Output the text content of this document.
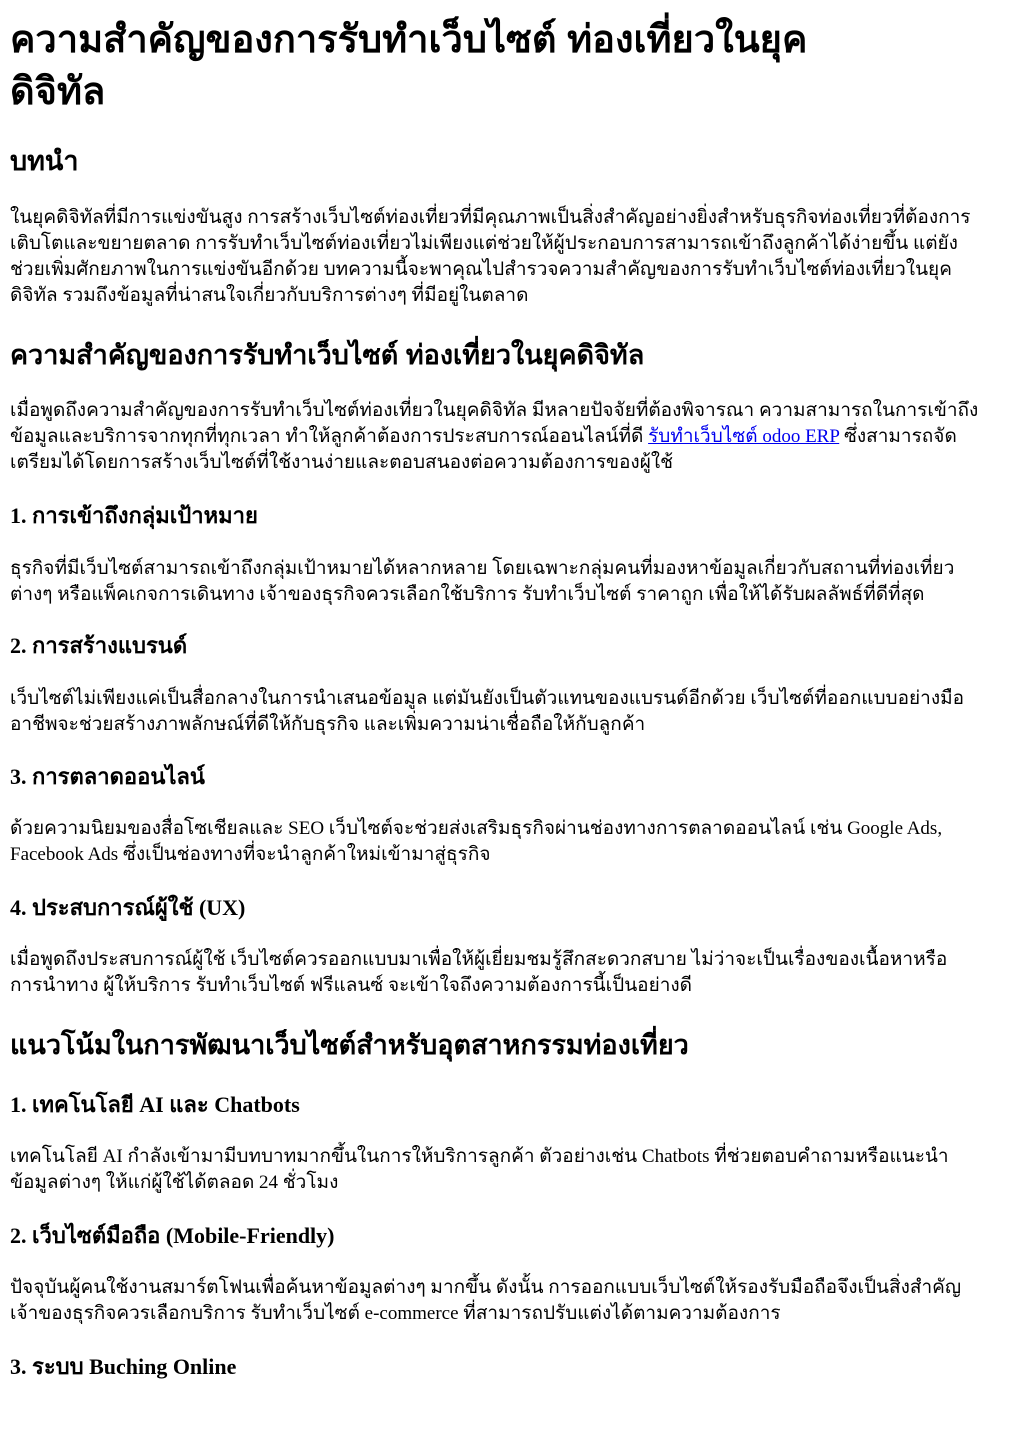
ความสำคัญของการรับทำเว็บไซต์ ท่องเที่ยวในยุค
ดิจิทัล
บทนำ

ในยุคดิจิทัลที่มีการแข่งขันสูง การสร้างเว็บไซต์ท่องเที่ยวที่มีคุณภาพเป็นสิ่งสำคัญอย่างยิ่งสำหรับธุรกิจท่องเที่ยวที่ต้องการ
เติบโตและขยายตลาด การรับทำเว็บไซต์ท่องเที่ยวไม่เพียงแต่ช่วยให้ผู้ประกอบการสามารถเข้าถึงลูกค้าได้ง่ายขึ้น แต่ยัง
ช่วยเพิ่มศักยภาพในการแข่งขันอีกด้วย บทความนี้จะพาคุณไปสำรวจความสำคัญของการรับทำเว็บไซต์ท่องเที่ยวในยุค
ดิจิทัล รวมถึงข้อมูลที่น่าสนใจเกี่ยวกับบริการต่างๆ ที่มีอยู่ในตลาด

ความสำคัญของการรับทำเว็บไซต์ ท่องเที่ยวในยุคดิจิทัล

เมื่อพูดถึงความสำคัญของการรับทำเว็บไซต์ท่องเที่ยวในยุคดิจิทัล มีหลายปัจจัยที่ต้องพิจารณา ความสามารถในการเข้าถึง
ข้อมูลและบริการจากทุกที่ทุกเวลา ทำให้ลูกค้าต้องการประสบการณ์ออนไลน์ที่ดี รับทำเว็บไซต์ odoo ERP ซึ่งสามารถจัด
เตรียมได้โดยการสร้างเว็บไซต์ที่ใช้งานง่ายและตอบสนองต่อความต้องการของผู้ใช้

1. การเข้าถึงกลุ่มเป้าหมาย

ธุรกิจที่มีเว็บไซต์สามารถเข้าถึงกลุ่มเป้าหมายได้หลากหลาย โดยเฉพาะกลุ่มคนที่มองหาข้อมูลเกี่ยวกับสถานที่ท่องเที่ยว
ต่างๆ หรือแพ็คเกจการเดินทาง เจ้าของธุรกิจควรเลือกใช้บริการ รับทำเว็บไซต์ ราคาถูก เพื่อให้ได้รับผลลัพธ์ที่ดีที่สุด

2. การสร้างแบรนด์

เว็บไซต์ไม่เพียงแค่เป็นสื่อกลางในการนำเสนอข้อมูล แต่มันยังเป็นตัวแทนของแบรนด์อีกด้วย เว็บไซต์ที่ออกแบบอย่างมือ
อาชีพจะช่วยสร้างภาพลักษณ์ที่ดีให้กับธุรกิจ และเพิ่มความน่าเชื่อถือให้กับลูกค้า

3. การตลาดออนไลน์

ด้วยความนิยมของสื่อโซเชียลและ SEO เว็บไซต์จะช่วยส่งเสริมธุรกิจผ่านช่องทางการตลาดออนไลน์ เช่น Google Ads,
Facebook Ads ซึ่งเป็นช่องทางที่จะนำลูกค้าใหม่เข้ามาสู่ธุรกิจ

4. ประสบการณ์ผู้ใช้ (UX)

เมื่อพูดถึงประสบการณ์ผู้ใช้ เว็บไซต์ควรออกแบบมาเพื่อให้ผู้เยี่ยมชมรู้สึกสะดวกสบาย ไม่ว่าจะเป็นเรื่องของเนื้อหาหรือ
การนำทาง ผู้ให้บริการ รับทำเว็บไซต์ ฟรีแลนซ์ จะเข้าใจถึงความต้องการนี้เป็นอย่างดี

แนวโน้มในการพัฒนาเว็บไซต์สำหรับอุตสาหกรรมท่องเที่ยว
1. เทคโนโลยี AI และ Chatbots

เทคโนโลยี AI กำลังเข้ามามีบทบาทมากขึ้นในการให้บริการลูกค้า ตัวอย่างเช่น Chatbots ที่ช่วยตอบคำถามหรือแนะนำ
ข้อมูลต่างๆ ให้แก่ผู้ใช้ได้ตลอด 24 ชั่วโมง

2. เว็บไซต์มือถือ (Mobile-Friendly)

ปัจจุบันผู้คนใช้งานสมาร์ตโฟนเพื่อค้นหาข้อมูลต่างๆ มากขึ้น ดังนั้น การออกแบบเว็บไซต์ให้รองรับมือถือจึงเป็นสิ่งสำคัญ
เจ้าของธุรกิจควรเลือกบริการ รับทำเว็บไซต์ e-commerce ที่สามารถปรับแต่งได้ตามความต้องการ

3. ระบบ Buching Online
